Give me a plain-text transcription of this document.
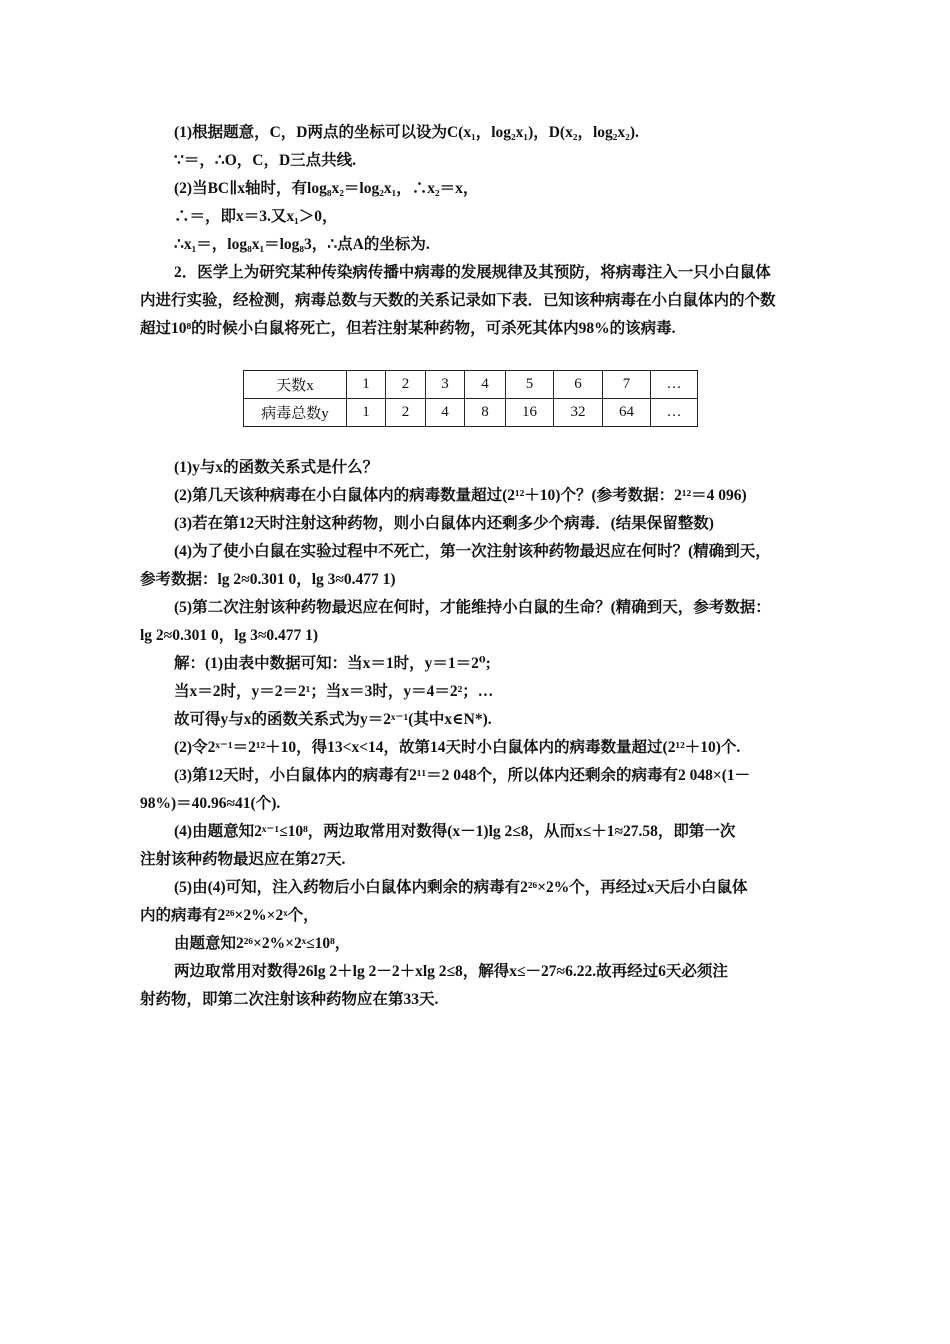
(1)根据题意，C，D两点的坐标可以设为C(x₁，log₂x₁)，D(x₂，log₂x₂).
∵＝，∴O，C，D三点共线.
(2)当BC∥x轴时，有log₈x₂＝log₂x₁，∴x₂＝x，
∴＝，即x＝3.又x₁＞0，
∴x₁＝，log₈x₁＝log₈3，∴点A的坐标为.
2．医学上为研究某种传染病传播中病毒的发展规律及其预防，将病毒注入一只小白鼠体
内进行实验，经检测，病毒总数与天数的关系记录如下表．已知该种病毒在小白鼠体内的个数
超过10⁸的时候小白鼠将死亡，但若注射某种药物，可杀死其体内98%的该病毒.
天数x	1	2	3	4	5	6	7	…
病毒总数y	1	2	4	8	16	32	64	…
(1)y与x的函数关系式是什么？
(2)第几天该种病毒在小白鼠体内的病毒数量超过(2¹²＋10)个？(参考数据：2¹²＝4 096)
(3)若在第12天时注射这种药物，则小白鼠体内还剩多少个病毒．(结果保留整数)
(4)为了使小白鼠在实验过程中不死亡，第一次注射该种药物最迟应在何时？(精确到天，
参考数据：lg 2≈0.301 0，lg 3≈0.477 1)
(5)第二次注射该种药物最迟应在何时，才能维持小白鼠的生命？(精确到天，参考数据：
lg 2≈0.301 0，lg 3≈0.477 1)
解：(1)由表中数据可知：当x＝1时，y＝1＝2⁰;
当x＝2时，y＝2＝2¹；当x＝3时，y＝4＝2²；…
故可得y与x的函数关系式为y＝2ˣ⁻¹(其中x∈N*).
(2)令2ˣ⁻¹＝2¹²＋10，得13<x<14，故第14天时小白鼠体内的病毒数量超过(2¹²＋10)个.
(3)第12天时，小白鼠体内的病毒有2¹¹＝2 048个，所以体内还剩余的病毒有2 048×(1－
98%)＝40.96≈41(个).
(4)由题意知2ˣ⁻¹≤10⁸，两边取常用对数得(x－1)lg 2≤8，从而x≤＋1≈27.58，即第一次
注射该种药物最迟应在第27天.
(5)由(4)可知，注入药物后小白鼠体内剩余的病毒有2²⁶×2%个，再经过x天后小白鼠体
内的病毒有2²⁶×2%×2ˣ个，
由题意知2²⁶×2%×2ˣ≤10⁸，
两边取常用对数得26lg 2＋lg 2－2＋xlg 2≤8，解得x≤－27≈6.22.故再经过6天必须注
射药物，即第二次注射该种药物应在第33天.
